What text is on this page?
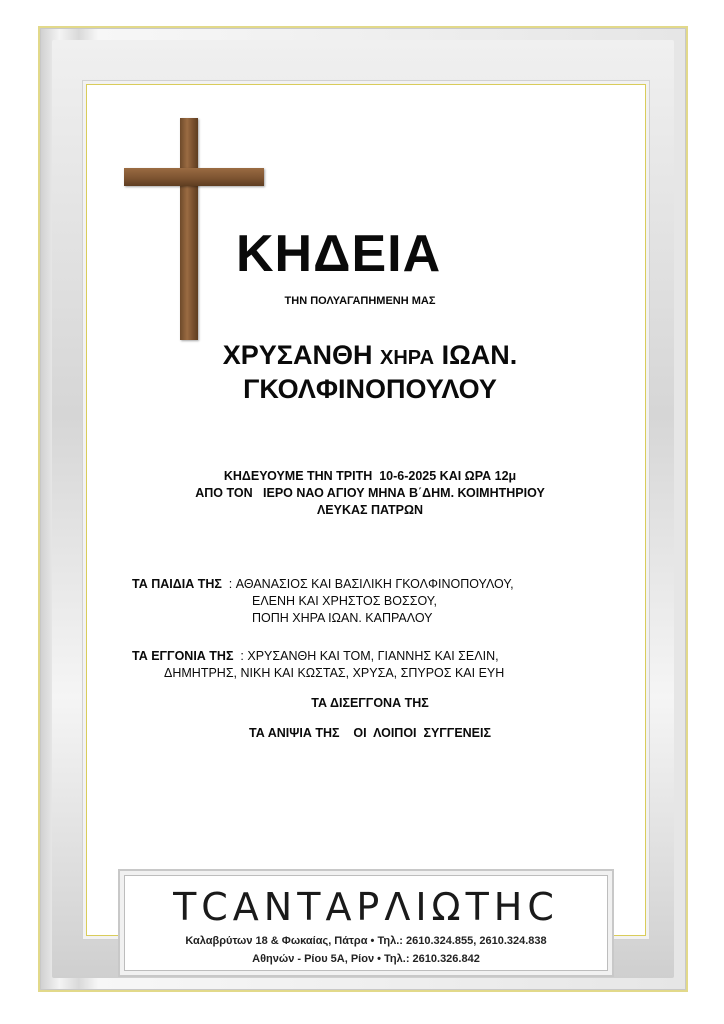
ΚΗΔΕΙΑ
ΤΗΝ ΠΟΛΥΑΓΑΠΗΜΕΝΗ ΜΑΣ
ΧΡΥΣΑΝΘΗ ΧΗΡΑ ΙΩΑΝ.
ΓΚΟΛΦΙΝΟΠΟΥΛΟΥ
ΚΗΔΕΥΟΥΜΕ ΤΗΝ ΤΡΙΤΗ  10-6-2025 ΚΑΙ ΩΡΑ 12μ
ΑΠΟ ΤΟΝ   ΙΕΡΟ ΝΑΟ ΑΓΙΟΥ ΜΗΝΑ Β΄ΔΗΜ. ΚΟΙΜΗΤΗΡΙΟΥ
ΛΕΥΚΑΣ ΠΑΤΡΩΝ
ΤΑ ΠΑΙΔΙΑ ΤΗΣ  : ΑΘΑΝΑΣΙΟΣ ΚΑΙ ΒΑΣΙΛΙΚΗ ΓΚΟΛΦΙΝΟΠΟΥΛΟΥ,
ΕΛΕΝΗ ΚΑΙ ΧΡΗΣΤΟΣ ΒΟΣΣΟΥ,
ΠΟΠΗ ΧΗΡΑ ΙΩΑΝ. ΚΑΠΡΑΛΟΥ
ΤΑ ΕΓΓΟΝΙΑ ΤΗΣ  : ΧΡΥΣΑΝΘΗ ΚΑΙ ΤΟΜ, ΓΙΑΝΝΗΣ ΚΑΙ ΣΕΛΙΝ,
ΔΗΜΗΤΡΗΣ, ΝΙΚΗ ΚΑΙ ΚΩΣΤΑΣ, ΧΡΥΣΑ, ΣΠΥΡΟΣ ΚΑΙ ΕΥΗ
ΤΑ ΔΙΣΕΓΓΟΝΑ ΤΗΣ
ΤΑ ΑΝΙΨΙΑ ΤΗΣ    ΟΙ  ΛΟΙΠΟΙ  ΣΥΓΓΕΝΕΙΣ
ΤСΑΝΤΑΡΛΙΩΤΗС
Καλαβρύτων 18 & Φωκαίας, Πάτρα • Τηλ.: 2610.324.855, 2610.324.838
Αθηνών - Ρίου 5Α, Ρίον • Τηλ.: 2610.326.842
